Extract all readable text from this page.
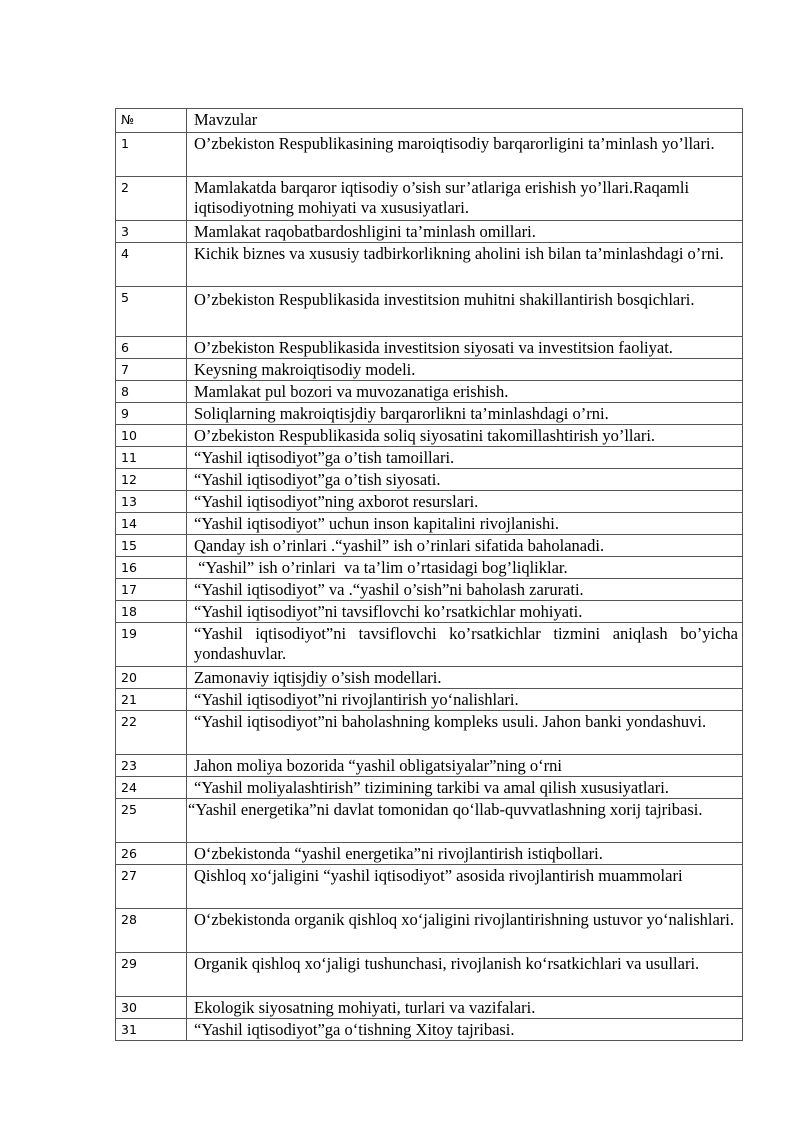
№	Mavzular
1	O’zbekiston Respublikasining maroiqtisodiy barqarorligini ta’minlash yo’llari.
2	Mamlakatda barqaror iqtisodiy o’sish sur’atlariga erishish yo’llari.Raqamli iqtisodiyotning mohiyati va xususiyatlari.
3	Mamlakat raqobatbardoshligini ta’minlash omillari.
4	Kichik biznes va xususiy tadbirkorlikning aholini ish bilan ta’minlashdagi o’rni.
5	O’zbekiston Respublikasida investitsion muhitni shakillantirish bosqichlari.
6	O’zbekiston Respublikasida investitsion siyosati va investitsion faoliyat.
7	Keysning makroiqtisodiy modeli.
8	Mamlakat pul bozori va muvozanatiga erishish.
9	Soliqlarning makroiqtisjdiy barqarorlikni ta’minlashdagi o’rni.
10	O’zbekiston Respublikasida soliq siyosatini takomillashtirish yo’llari.
11	“Yashil iqtisodiyot”ga o’tish tamoillari.
12	“Yashil iqtisodiyot”ga o’tish siyosati.
13	“Yashil iqtisodiyot”ning axborot resurslari.
14	“Yashil iqtisodiyot” uchun inson kapitalini rivojlanishi.
15	Qanday ish o’rinlari .“yashil” ish o’rinlari sifatida baholanadi.
16	“Yashil” ish o’rinlari  va ta’lim o’rtasidagi bog’liqliklar.
17	“Yashil iqtisodiyot” va .“yashil o’sish”ni baholash zarurati.
18	“Yashil iqtisodiyot”ni tavsiflovchi ko’rsatkichlar mohiyati.
19	“Yashil iqtisodiyot”ni tavsiflovchi ko’rsatkichlar tizmini aniqlash bo’yicha yondashuvlar.
20	Zamonaviy iqtisjdiy o’sish modellari.
21	“Yashil iqtisodiyot”ni rivojlantirish yo‘nalishlari.
22	“Yashil iqtisodiyot”ni baholashning kompleks usuli. Jahon banki yondashuvi.
23	Jahon moliya bozorida “yashil obligatsiyalar”ning o‘rni
24	“Yashil moliyalashtirish” tizimining tarkibi va amal qilish xususiyatlari.
25	“Yashil energetika”ni davlat tomonidan qo‘llab-quvvatlashning xorij tajribasi.
26	O‘zbekistonda “yashil energetika”ni rivojlantirish istiqbollari.
27	Qishloq xo‘jaligini “yashil iqtisodiyot” asosida rivojlantirish muammolari
28	O‘zbekistonda organik qishloq xo‘jaligini rivojlantirishning ustuvor yo‘nalishlari.
29	Organik qishloq xo‘jaligi tushunchasi, rivojlanish ko‘rsatkichlari va usullari.
30	Ekologik siyosatning mohiyati, turlari va vazifalari.
31	“Yashil iqtisodiyot”ga o‘tishning Xitoy tajribasi.
